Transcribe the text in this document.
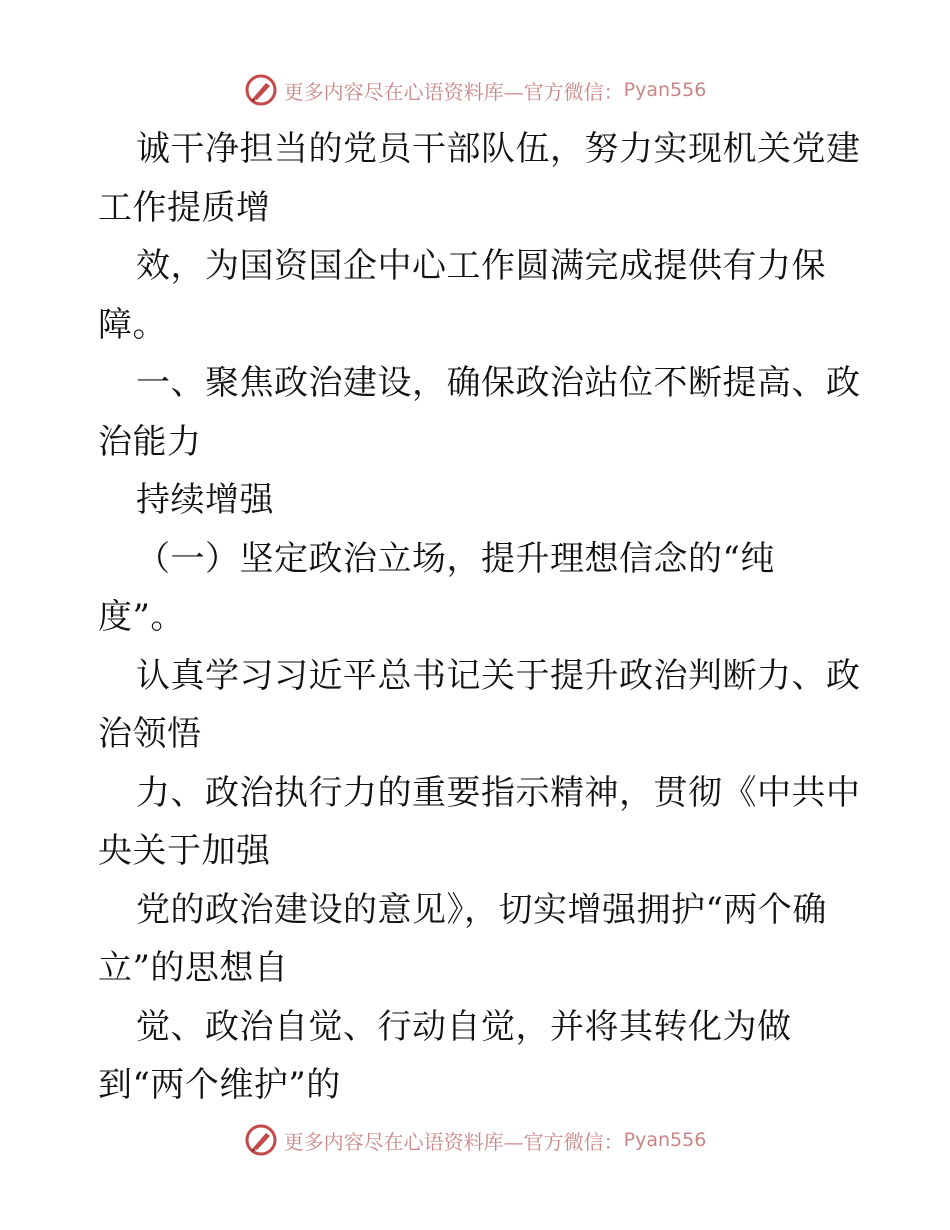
更多内容尽在心语资料库—官方微信： Pyan556
诚干净担当的党员干部队伍，努力实现机关党建
工作提质增
效，为国资国企中心工作圆满完成提供有力保
障。
一、聚焦政治建设，确保政治站位不断提高、政
治能力
持续增强
（一）坚定政治立场，提升理想信念的“纯
度”。
认真学习习近平总书记关于提升政治判断力、政
治领悟
力、政治执行力的重要指示精神，贯彻《中共中
央关于加强
党的政治建设的意见》，切实增强拥护“两个确
立”的思想自
觉、政治自觉、行动自觉，并将其转化为做
到“两个维护”的
更多内容尽在心语资料库—官方微信： Pyan556
